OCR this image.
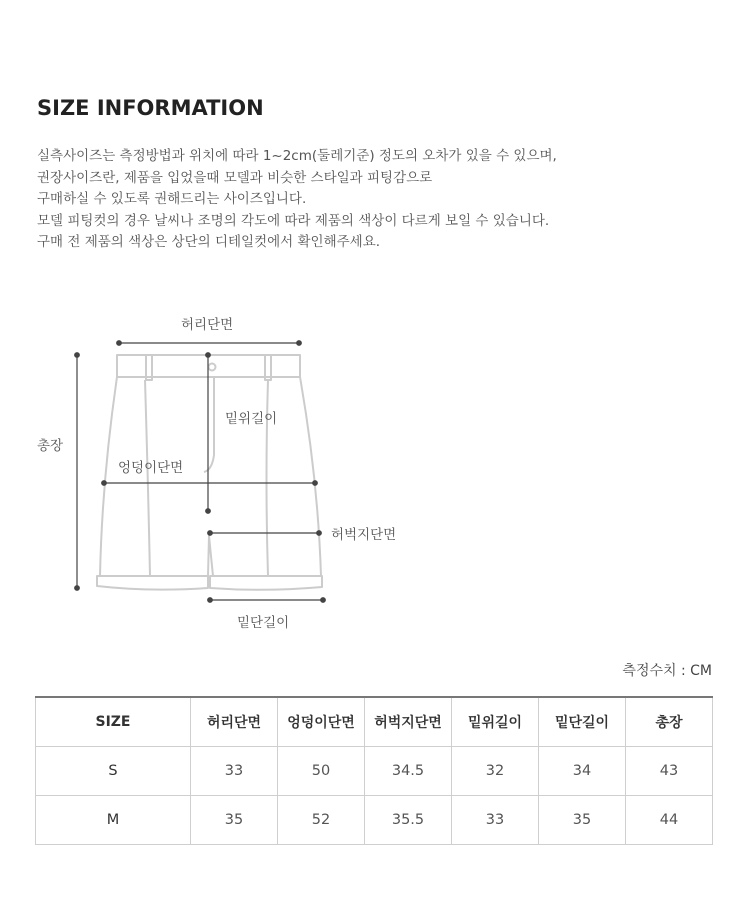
SIZE INFORMATION
실측사이즈는 측정방법과 위치에 따라 1~2cm(둘레기준) 정도의 오차가 있을 수 있으며,
권장사이즈란, 제품을 입었을때 모델과 비슷한 스타일과 피팅감으로
구매하실 수 있도록 권해드리는 사이즈입니다.
모델 피팅컷의 경우 날씨나 조명의 각도에 따라 제품의 색상이 다르게 보일 수 있습니다.
구매 전 제품의 색상은 상단의 디테일컷에서 확인해주세요.
허리단면
총장
밑위길이
엉덩이단면
허벅지단면
밑단길이
측정수치 : CM
SIZE	허리단면	엉덩이단면	허벅지단면	밑위길이	밑단길이	총장
S	33	50	34.5	32	34	43
M	35	52	35.5	33	35	44
